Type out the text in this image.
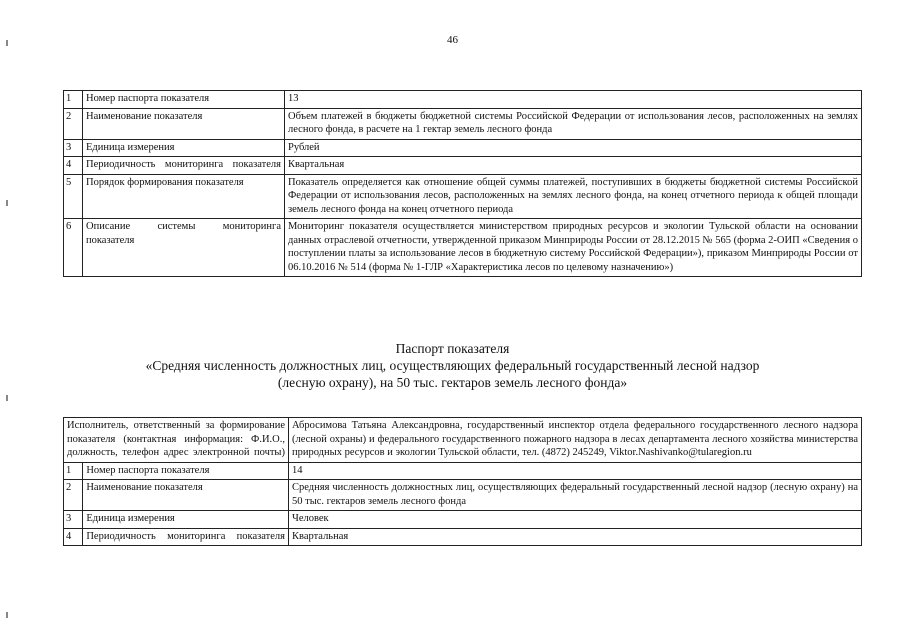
46
1	Номер паспорта показателя	13
2	Наименование показателя	Объем платежей в бюджеты бюджетной системы Российской Федерации от использования лесов, расположенных на землях лесного фонда, в расчете на 1 гектар земель лесного фонда
3	Единица измерения	Рублей
4	Периодичность мониторинга показателя	Квартальная
5	Порядок формирования показателя	Показатель определяется как отношение общей суммы платежей, поступивших в бюджеты бюджетной системы Российской Федерации от использования лесов, расположенных на землях лесного фонда, на конец отчетного периода к общей площади земель лесного фонда на конец отчетного периода
6	Описание системы мониторинга показателя	Мониторинг показателя осуществляется министерством природных ресурсов и экологии Тульской области на основании данных отраслевой отчетности, утвержденной приказом Минприроды России от 28.12.2015 № 565 (форма 2-ОИП «Сведения о поступлении платы за использование лесов в бюджетную систему Российской Федерации»), приказом Минприроды России от 06.10.2016 № 514 (форма № 1-ГЛР «Характеристика лесов по целевому назначению»)
Паспорт показателя
«Средняя численность должностных лиц, осуществляющих федеральный государственный лесной надзор
(лесную охрану), на 50 тыс. гектаров земель лесного фонда»
Исполнитель, ответственный за формирование показателя (контактная информация: Ф.И.О., должность, телефон адрес электронной почты)		Абросимова Татьяна Александровна, государственный инспектор отдела федерального государственного лесного надзора (лесной охраны) и федерального государственного пожарного надзора в лесах департамента лесного хозяйства министерства природных ресурсов и экологии Тульской области, тел. (4872) 245249, Viktor.Nashivanko@tularegion.ru
1	Номер паспорта показателя	14
2	Наименование показателя	Средняя численность должностных лиц, осуществляющих федеральный государственный лесной надзор (лесную охрану) на 50 тыс. гектаров земель лесного фонда
3	Единица измерения	Человек
4	Периодичность мониторинга показателя	Квартальная
